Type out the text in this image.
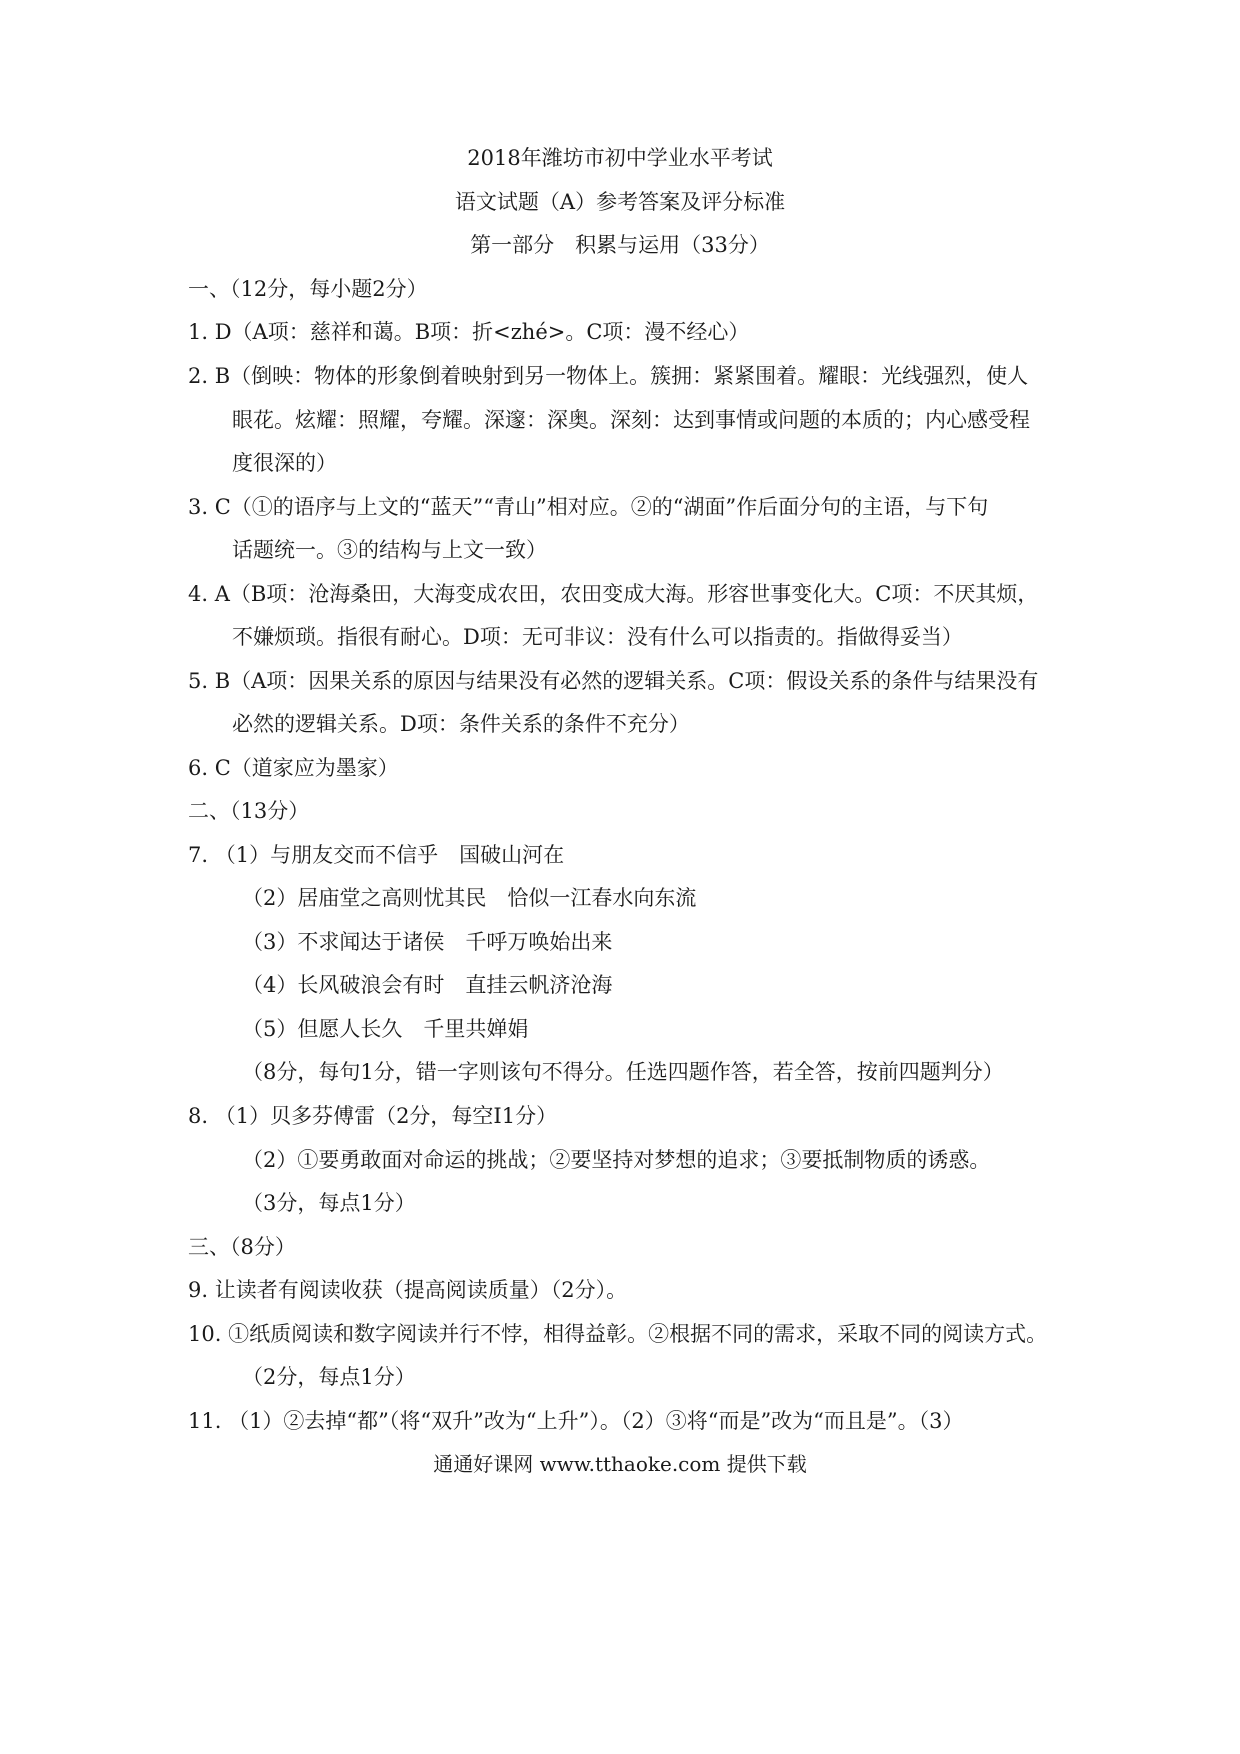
2018年潍坊市初中学业水平考试
语文试题（A）参考答案及评分标准
第一部分　积累与运用（33分）
一、（12分，每小题2分）
1. D（A项：慈祥和蔼。B项：折<zhé>。C项：漫不经心）
2. B（倒映：物体的形象倒着映射到另一物体上。簇拥：紧紧围着。耀眼：光线强烈，使人
眼花。炫耀：照耀，夸耀。深邃：深奥。深刻：达到事情或问题的本质的；内心感受程
度很深的）
3. C（①的语序与上文的“蓝天”“青山”相对应。②的“湖面”作后面分句的主语，与下句
话题统一。③的结构与上文一致）
4. A（B项：沧海桑田，大海变成农田，农田变成大海。形容世事变化大。C项：不厌其烦，
不嫌烦琐。指很有耐心。D项：无可非议：没有什么可以指责的。指做得妥当）
5. B（A项：因果关系的原因与结果没有必然的逻辑关系。C项：假设关系的条件与结果没有
必然的逻辑关系。D项：条件关系的条件不充分）
6. C（道家应为墨家）
二、（13分）
7. （1）与朋友交而不信乎　国破山河在
（2）居庙堂之高则忧其民　恰似一江春水向东流
（3）不求闻达于诸侯　千呼万唤始出来
（4）长风破浪会有时　直挂云帆济沧海
（5）但愿人长久　千里共婵娟
（8分，每句1分，错一字则该句不得分。任选四题作答，若全答，按前四题判分）
8. （1）贝多芬傅雷（2分，每空I1分）
（2）①要勇敢面对命运的挑战；②要坚持对梦想的追求；③要抵制物质的诱惑。
（3分，每点1分）
三、（8分）
9. 让读者有阅读收获（提高阅读质量）（2分）。
10. ①纸质阅读和数字阅读并行不悖，相得益彰。②根据不同的需求，采取不同的阅读方式。
（2分，每点1分）
11. （1）②去掉“都”（将“双升”改为“上升”）。（2）③将“而是”改为“而且是”。（3）
通通好课网 www.tthaoke.com 提供下载
